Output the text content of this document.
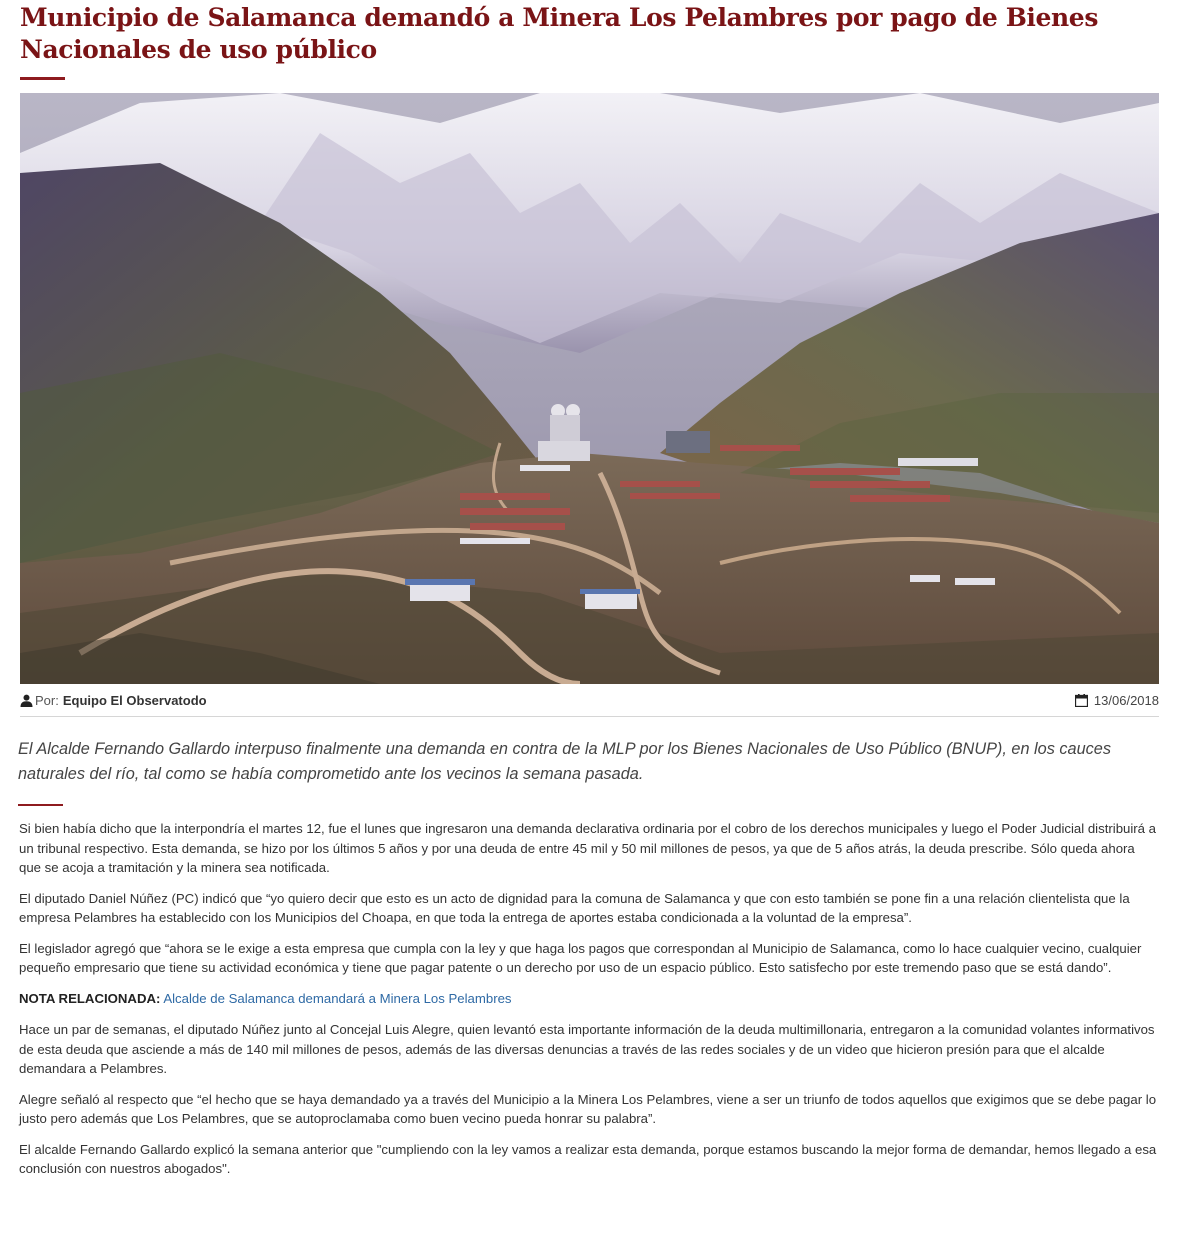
Municipio de Salamanca demandó a Minera Los Pelambres por pago de Bienes Nacionales de uso público
Por: Equipo El Observatodo	13/06/2018

El Alcalde Fernando Gallardo interpuso finalmente una demanda en contra de la MLP por los Bienes Nacionales de Uso Público (BNUP), en los cauces naturales del río, tal como se había comprometido ante los vecinos la semana pasada.

Si bien había dicho que la interpondría el martes 12, fue el lunes que ingresaron una demanda declarativa ordinaria por el cobro de los derechos municipales y luego el Poder Judicial distribuirá a un tribunal respectivo. Esta demanda, se hizo por los últimos 5 años y por una deuda de entre 45 mil y 50 mil millones de pesos, ya que de 5 años atrás, la deuda prescribe. Sólo queda ahora que se acoja a tramitación y la minera sea notificada.

El diputado Daniel Núñez (PC) indicó que “yo quiero decir que esto es un acto de dignidad para la comuna de Salamanca y que con esto también se pone fin a una relación clientelista que la empresa Pelambres ha establecido con los Municipios del Choapa, en que toda la entrega de aportes estaba condicionada a la voluntad de la empresa”.

El legislador agregó que “ahora se le exige a esta empresa que cumpla con la ley y que haga los pagos que correspondan al Municipio de Salamanca, como lo hace cualquier vecino, cualquier pequeño empresario que tiene su actividad económica y tiene que pagar patente o un derecho por uso de un espacio público. Esto satisfecho por este tremendo paso que se está dando”.

NOTA RELACIONADA: Alcalde de Salamanca demandará a Minera Los Pelambres

Hace un par de semanas, el diputado Núñez junto al Concejal Luis Alegre, quien levantó esta importante información de la deuda multimillonaria, entregaron a la comunidad volantes informativos de esta deuda que asciende a más de 140 mil millones de pesos, además de las diversas denuncias a través de las redes sociales y de un video que hicieron presión para que el alcalde demandara a Pelambres.

Alegre señaló al respecto que “el hecho que se haya demandado ya a través del Municipio a la Minera Los Pelambres, viene a ser un triunfo de todos aquellos que exigimos que se debe pagar lo justo pero además que Los Pelambres, que se autoproclamaba como buen vecino pueda honrar su palabra”.

El alcalde Fernando Gallardo explicó la semana anterior que "cumpliendo con la ley vamos a realizar esta demanda, porque estamos buscando la mejor forma de demandar, hemos llegado a esa conclusión con nuestros abogados".
